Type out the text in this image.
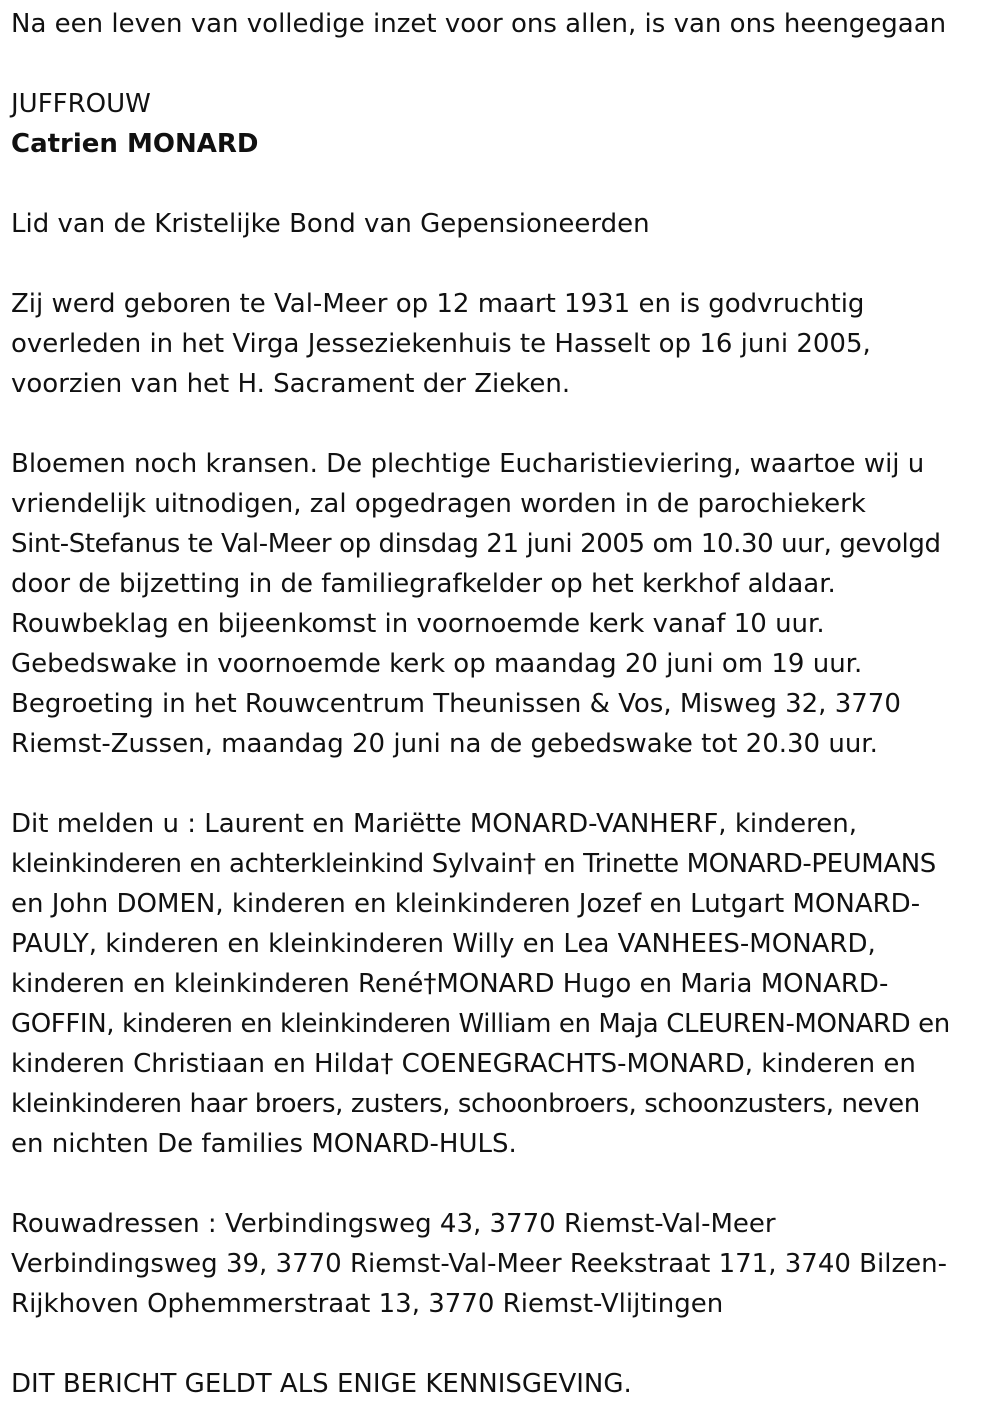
Na een leven van volledige inzet voor ons allen, is van ons heengegaan
JUFFROUW
Catrien MONARD
Lid van de Kristelijke Bond van Gepensioneerden
Zij werd geboren te Val-Meer op 12 maart 1931 en is godvruchtig
overleden in het Virga Jesseziekenhuis te Hasselt op 16 juni 2005,
voorzien van het H. Sacrament der Zieken.
Bloemen noch kransen. De plechtige Eucharistieviering, waartoe wij u
vriendelijk uitnodigen, zal opgedragen worden in de parochiekerk
Sint-Stefanus te Val-Meer op dinsdag 21 juni 2005 om 10.30 uur, gevolgd
door de bijzetting in de familiegrafkelder op het kerkhof aldaar.
Rouwbeklag en bijeenkomst in voornoemde kerk vanaf 10 uur.
Gebedswake in voornoemde kerk op maandag 20 juni om 19 uur.
Begroeting in het Rouwcentrum Theunissen & Vos, Misweg 32, 3770
Riemst-Zussen, maandag 20 juni na de gebedswake tot 20.30 uur.
Dit melden u : Laurent en Mariëtte MONARD-VANHERF, kinderen,
kleinkinderen en achterkleinkind Sylvain† en Trinette MONARD-PEUMANS
en John DOMEN, kinderen en kleinkinderen Jozef en Lutgart MONARD-
PAULY, kinderen en kleinkinderen Willy en Lea VANHEES-MONARD,
kinderen en kleinkinderen René†MONARD Hugo en Maria MONARD-
GOFFIN, kinderen en kleinkinderen William en Maja CLEUREN-MONARD en
kinderen Christiaan en Hilda† COENEGRACHTS-MONARD, kinderen en
kleinkinderen haar broers, zusters, schoonbroers, schoonzusters, neven
en nichten De families MONARD-HULS.
Rouwadressen : Verbindingsweg 43, 3770 Riemst-Val-Meer
Verbindingsweg 39, 3770 Riemst-Val-Meer Reekstraat 171, 3740 Bilzen-
Rijkhoven Ophemmerstraat 13, 3770 Riemst-Vlijtingen
DIT BERICHT GELDT ALS ENIGE KENNISGEVING.
